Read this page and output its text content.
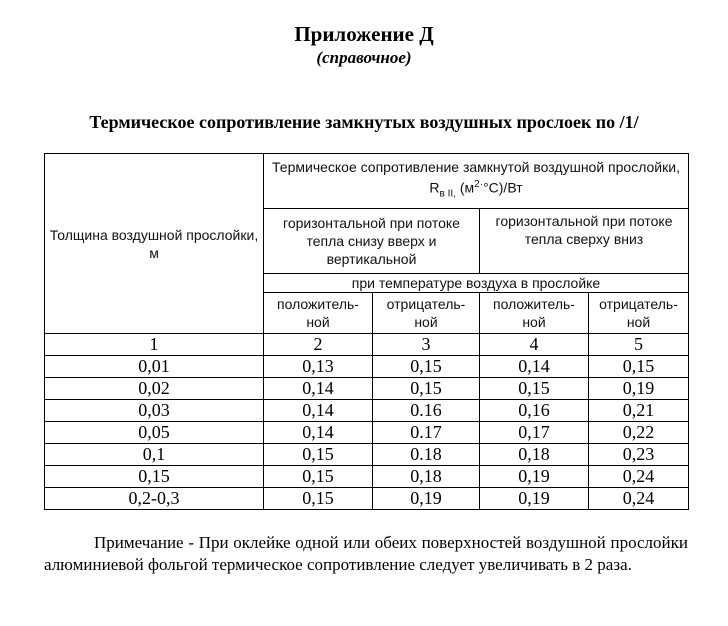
Приложение Д
(справочное)
Термическое сопротивление замкнутых воздушных прослоек по /1/
Толщина воздушной прослойки, м	Термическое сопротивление замкнутой воздушной прослойки, $R_{в II,}$ $(м^{2\cdot}^\circ С)/Вт$			
	горизонтальной при потоке тепла снизу вверх и вертикальной		горизонтальной при потоке тепла сверху вниз	
	при температуре воздуха в прослойке			
	положитель-ной	отрицатель-ной	положитель-ной	отрицатель-ной
1	2	3	4	5
0,01	0,13	0,15	0,14	0,15
0,02	0,14	0,15	0,15	0,19
0,03	0,14	0.16	0,16	0,21
0,05	0,14	0.17	0,17	0,22
0,1	0,15	0.18	0,18	0,23
0,15	0,15	0,18	0,19	0,24
0,2-0,3	0,15	0,19	0,19	0,24
Примечание - При оклейке одной или обеих поверхностей воздушной прослойки алюминиевой фольгой термическое сопротивление следует увеличивать в 2 раза.
